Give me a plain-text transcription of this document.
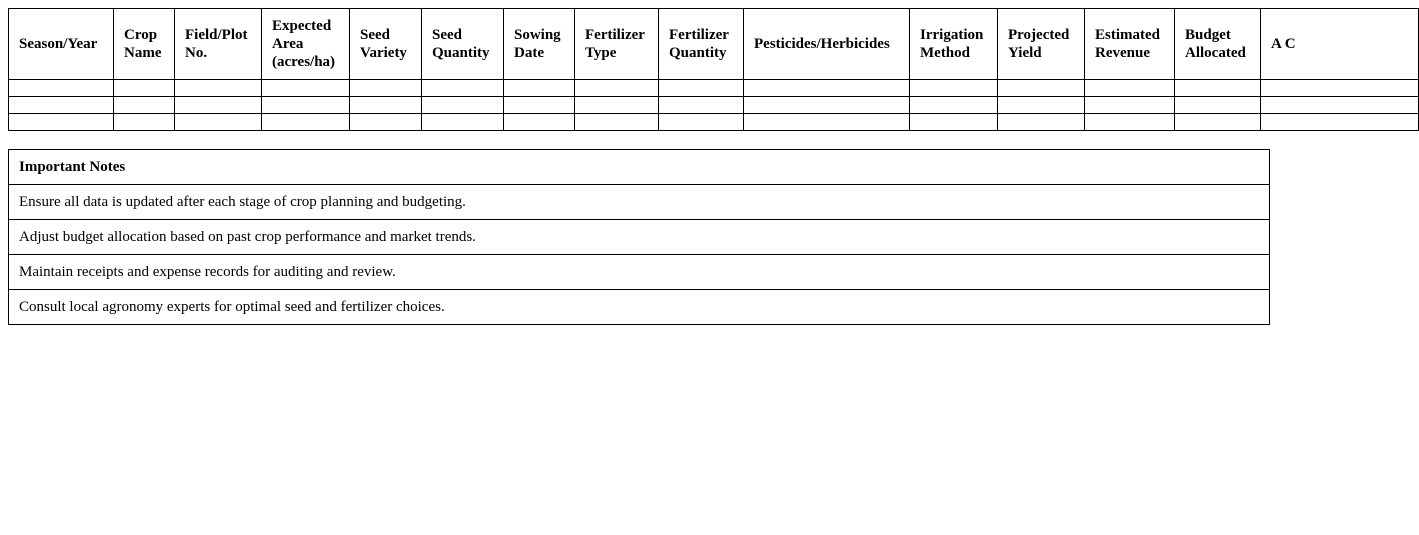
Season/Year	Crop Name	Field/Plot No.	Expected Area (acres/ha)	Seed Variety	Seed Quantity	Sowing Date	Fertilizer Type	Fertilizer Quantity	Pesticides/Herbicides	Irrigation Method	Projected Yield	Estimated Revenue	Budget Allocated	A C

Important Notes
Ensure all data is updated after each stage of crop planning and budgeting.
Adjust budget allocation based on past crop performance and market trends.
Maintain receipts and expense records for auditing and review.
Consult local agronomy experts for optimal seed and fertilizer choices.
